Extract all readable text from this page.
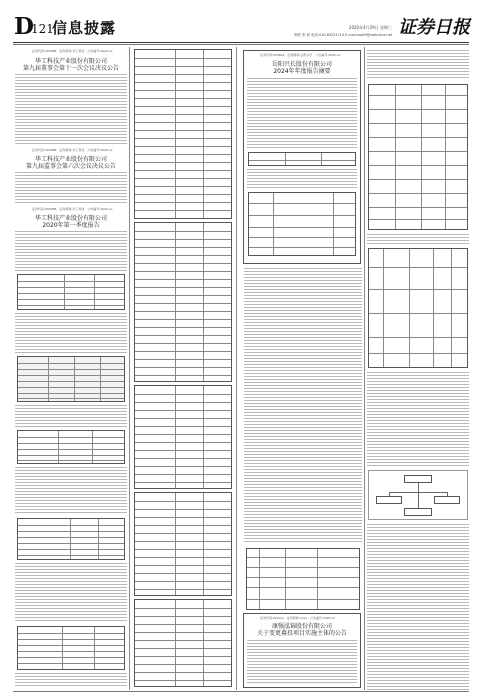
D
121
信息披露	2020年4月29日 星期三
制作:李 莉 电话:010-83251714 E-mail:zqrb9@zqrb.sina.net 证券日报
证券代码:000988   证券简称:华工科技   公告编号:2020-xx
华工科技产业股份有限公司
第九届董事会第十一次会议决议公告
证券代码:000988   证券简称:华工科技   公告编号:2020-xx
华工科技产业股份有限公司
第九届监事会第六次会议决议公告
证券代码:000988   证券简称:华工科技   公告编号:2020-xx
华工科技产业股份有限公司
2020年第一季度报告
证券代码:000819   证券简称:岳阳兴长   公告编号:2025-xx
岳阳兴长股份有限公司
2024年年度报告摘要
证券代码:002xxx   证券简称:xxxx   公告编号:2025-xx
康强泓锦股份有限公司
关于变更募投项目实施主体的公告
